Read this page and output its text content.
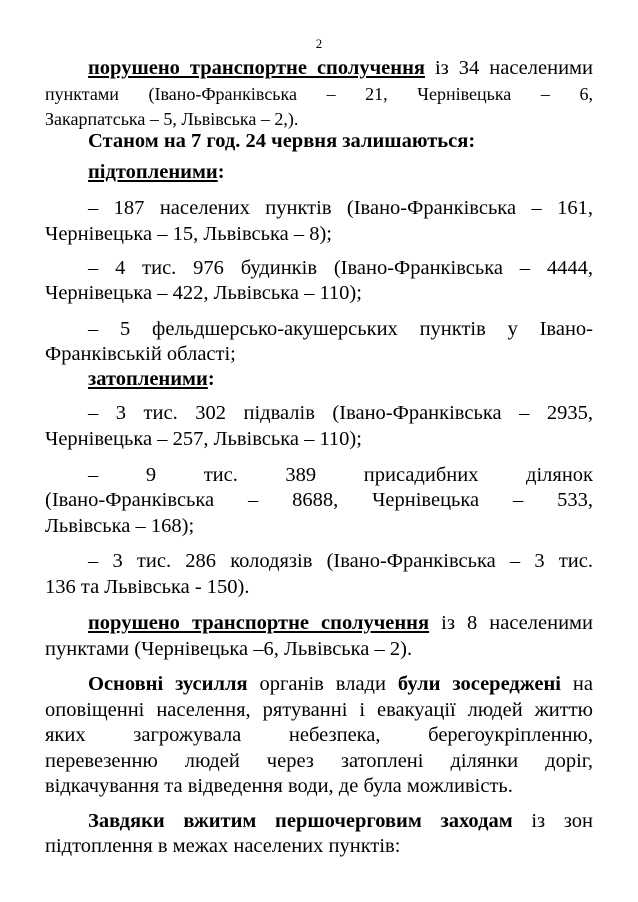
2
порушено транспортне сполучення із 34 населеними
пунктами (Івано-Франківська – 21, Чернівецька – 6,
Закарпатська – 5, Львівська – 2,).
Станом на 7 год. 24 червня залишаються:
підтопленими:
– 187 населених пунктів (Івано-Франківська – 161,
Чернівецька – 15, Львівська – 8);
– 4 тис. 976 будинків (Івано-Франківська – 4444,
Чернівецька – 422, Львівська – 110);
– 5 фельдшерсько-акушерських пунктів у Івано-
Франківській області;
затопленими:
– 3 тис. 302 підвалів (Івано-Франківська – 2935,
Чернівецька – 257, Львівська – 110);
– 9 тис. 389 присадибних ділянок
(Івано-Франківська – 8688, Чернівецька – 533,
Львівська – 168);
– 3 тис. 286 колодязів (Івано-Франківська – 3 тис.
136 та Львівська - 150).
порушено транспортне сполучення із 8 населеними
пунктами (Чернівецька –6, Львівська – 2).
Основні зусилля органів влади були зосереджені на
оповіщенні населення, рятуванні і евакуації людей життю
яких загрожувала небезпека, берегоукріпленню,
перевезенню людей через затоплені ділянки доріг,
відкачування та відведення води, де була можливість.
Завдяки вжитим першочерговим заходам із зон
підтоплення в межах населених пунктів:
